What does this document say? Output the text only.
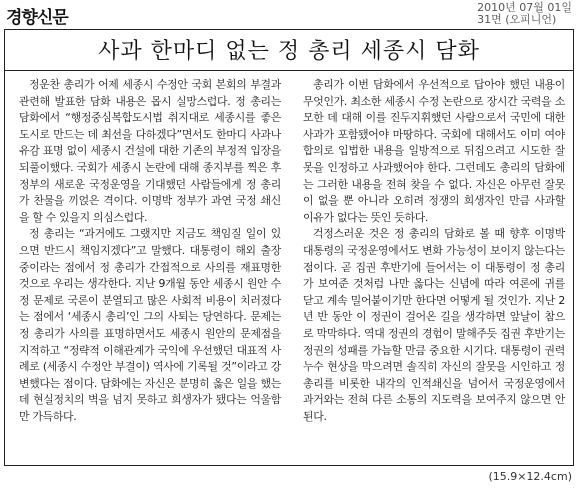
경향신문
2010년 07월 01일
31면 (오피니언)
사과 한마디 없는 정 총리 세종시 담화

정운찬 총리가 어제 세종시 수정안 국회 본회의 부결과 관련해 발표한 담화 내용은 몹시 실망스럽다. 정 총리는 담화에서 “행정중심복합도시법 취지대로 세종시를 좋은 도시로 만드는 데 최선을 다하겠다”면서도 한마디 사과나 유감 표명 없이 세종시 건설에 대한 기존의 부정적 입장을 되풀이했다. 국회가 세종시 논란에 대해 종지부를 찍은 후 정부의 새로운 국정운영을 기대했던 사람들에게 정 총리가 찬물을 끼얹은 격이다. 이명박 정부가 과연 국정 쇄신을 할 수 있을지 의심스럽다.

정 총리는 “과거에도 그랬지만 지금도 책임질 일이 있으면 반드시 책임지겠다”고 말했다. 대통령이 해외 출장 중이라는 점에서 정 총리가 간접적으로 사의를 재표명한 것으로 우리는 생각한다. 지난 9개월 동안 세종시 원안 수정 문제로 국론이 분열되고 많은 사회적 비용이 치러졌다는 점에서 ‘세종시 총리’인 그의 사퇴는 당연하다. 문제는 정 총리가 사의를 표명하면서도 세종시 원안의 문제점을 지적하고 “정략적 이해관계가 국익에 우선했던 대표적 사례로 (세종시 수정안 부결이) 역사에 기록될 것”이라고 강변했다는 점이다. 담화에는 자신은 분명히 옳은 일을 했는데 현실정치의 벽을 넘지 못하고 희생자가 됐다는 억울함만 가득하다.

총리가 이번 담화에서 우선적으로 답아야 했던 내용이 무엇인가. 최소한 세종시 수정 논란으로 장시간 국력을 소모한 데 대해 이를 진두지휘했던 사람으로서 국민에 대한 사과가 포함됐어야 마땅하다. 국회에 대해서도 이미 여야 합의로 입법한 내용을 일방적으로 뒤집으려고 시도한 잘못을 인정하고 사과했어야 한다. 그런데도 총리의 담화에는 그러한 내용을 전혀 찾을 수 없다. 자신은 아무런 잘못이 없을 뿐 아니라 오히려 정쟁의 희생자인 만큼 사과할 이유가 없다는 뜻인 듯하다.

걱정스러운 것은 정 총리의 담화로 볼 때 향후 이명박 대통령의 국정운영에서도 변화 가능성이 보이지 않는다는 점이다. 곧 집권 후반기에 들어서는 이 대통령이 정 총리가 보여준 것처럼 나만 옳다는 신념에 따라 여론에 귀를 닫고 계속 밀어붙이기만 한다면 어떻게 될 것인가. 지난 2년 반 동안 이 정권이 걸어온 길을 생각하면 앞날이 참으로 막막하다. 역대 정권의 경험이 말해주듯 집권 후반기는 정권의 성패를 가늠할 만큼 중요한 시기다. 대통령이 권력 누수 현상을 막으려면 솔직히 자신의 잘못을 시인하고 정 총리를 비롯한 내각의 인적쇄신을 넘어서 국정운영에서 과거와는 전혀 다른 소통의 지도력을 보여주지 않으면 안 된다.

(15.9×12.4cm)
